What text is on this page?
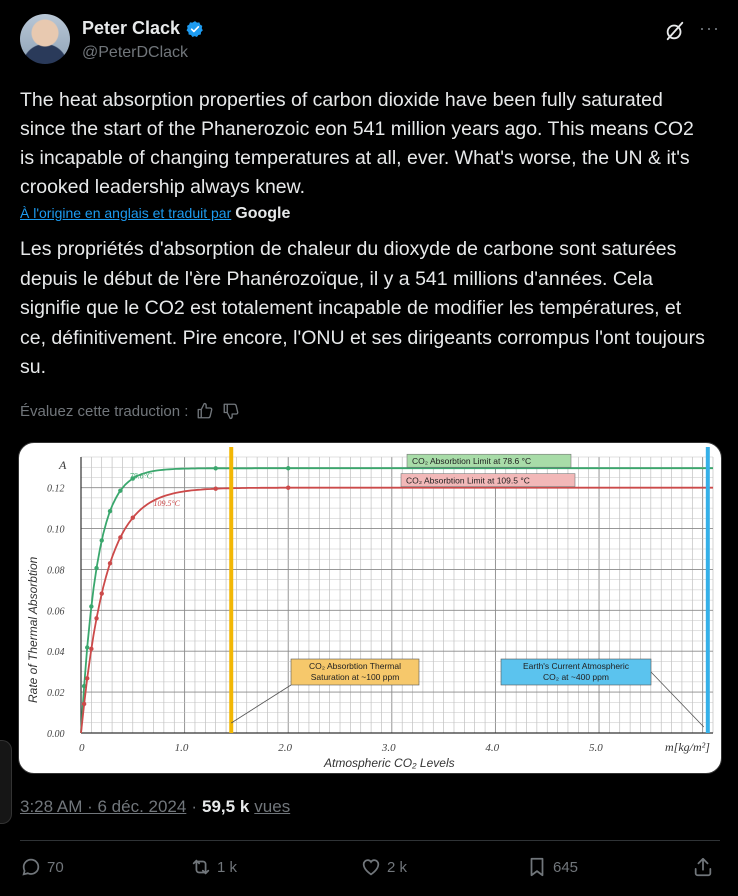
Peter Clack
@PeterDClack
···
The heat absorption properties of carbon dioxide have been fully saturated since the start of the Phanerozoic eon 541 million years ago. This means CO2 is incapable of changing temperatures at all, ever. What's worse, the UN & it's crooked leadership always knew.
À l'origine en anglais et traduit par Google
Les propriétés d'absorption de chaleur du dioxyde de carbone sont saturées depuis le début de l'ère Phanérozoïque, il y a 541 millions d'années. Cela signifie que le CO2 est totalement incapable de modifier les températures, et ce, définitivement. Pire encore, l'ONU et ses dirigeants corrompus l'ont toujours su.
Évaluez cette traduction :
0.00
0.02
0.04
0.06
0.08
0.10
0.12
A
0	1.0	2.0	3.0	4.0	5.0	m[kg/m²]
Atmospheric CO₂ Levels
Rate of Thermal Absorbtion
78.6°C
CO₂ Absorbtion Limit at 78.6 °C
109.5°C
CO₂ Absorbtion Limit at 109.5 °C
CO₂ Absorbtion Thermal
Saturation at ~100 ppm
Earth's Current Atmospheric
CO₂ at ~400 ppm
3:28 AM · 6 déc. 2024 · 59,5 k vues
70	1 k	2 k	645
